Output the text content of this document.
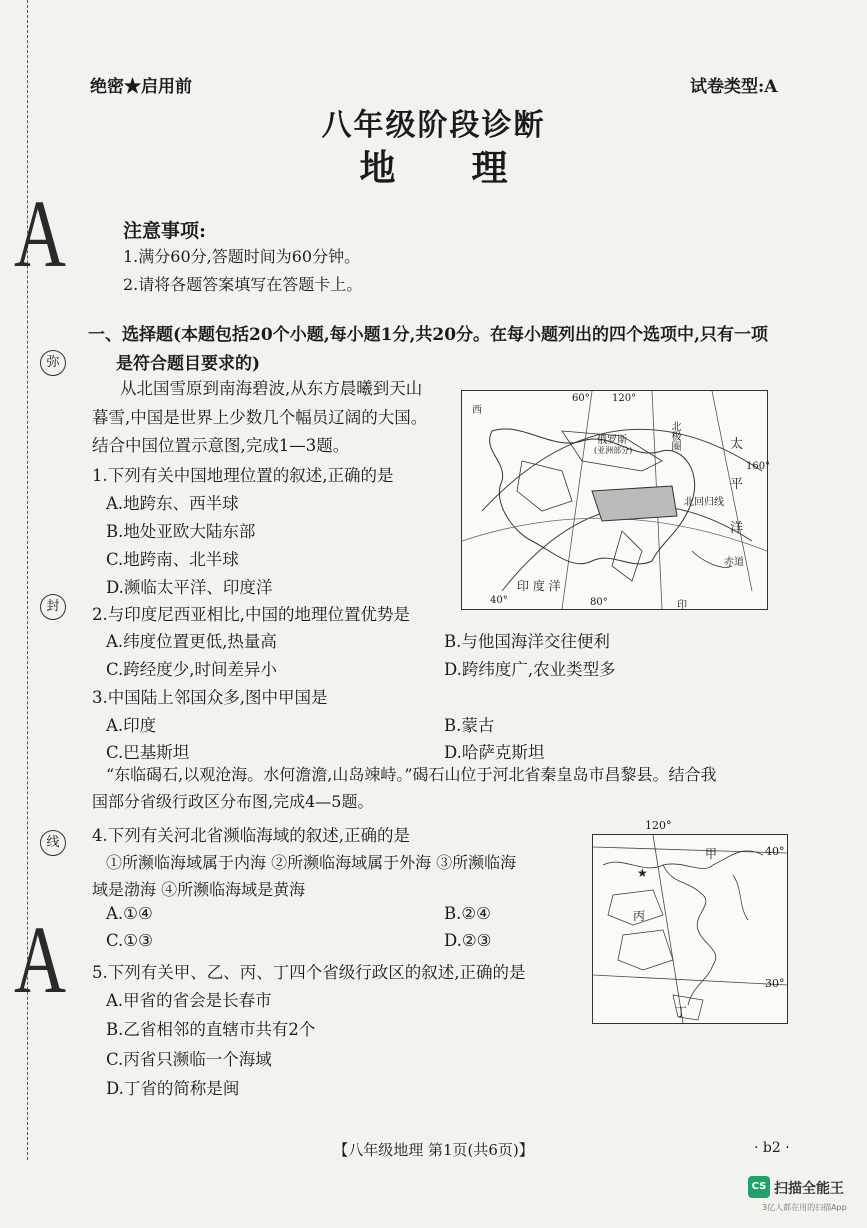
A
A
弥
封
线
绝密★启用前	试卷类型:A
八年级阶段诊断
地理
注意事项:
1.满分60分,答题时间为60分钟。
2.请将各题答案填写在答题卡上。
一、选择题(本题包括20个小题,每小题1分,共20分。在每小题列出的四个选项中,只有一项
是符合题目要求的)
从北国雪原到南海碧波,从东方晨曦到天山
暮雪,中国是世界上少数几个幅员辽阔的大国。
结合中国位置示意图,完成1—3题。
西
俄罗斯
(亚洲部分)	北极圈	太
平
洋
北回归线
赤道
印 度 洋
120°
160°
40°	80°
60°
印
1.下列有关中国地理位置的叙述,正确的是
A.地跨东、西半球
B.地处亚欧大陆东部
C.地跨南、北半球
D.濒临太平洋、印度洋
2.与印度尼西亚相比,中国的地理位置优势是
A.纬度位置更低,热量高	B.与他国海洋交往便利
C.跨经度少,时间差异小	D.跨纬度广,农业类型多
3.中国陆上邻国众多,图中甲国是
A.印度	B.蒙古
C.巴基斯坦	D.哈萨克斯坦
“东临碣石,以观沧海。水何澹澹,山岛竦峙。”碣石山位于河北省秦皇岛市昌黎县。结合我
国部分省级行政区分布图,完成4—5题。
★
120°
40°
30°
甲
丙
丁
4.下列有关河北省濒临海域的叙述,正确的是
①所濒临海域属于内海 ②所濒临海域属于外海 ③所濒临海
域是渤海 ④所濒临海域是黄海
A.①④	B.②④
C.①③	D.②③
5.下列有关甲、乙、丙、丁四个省级行政区的叙述,正确的是
A.甲省的省会是长春市
B.乙省相邻的直辖市共有2个
C.丙省只濒临一个海域
D.丁省的简称是闽
【八年级地理 第1页(共6页)】	· b2 ·
CS 扫描全能王
3亿人都在用的扫描App
